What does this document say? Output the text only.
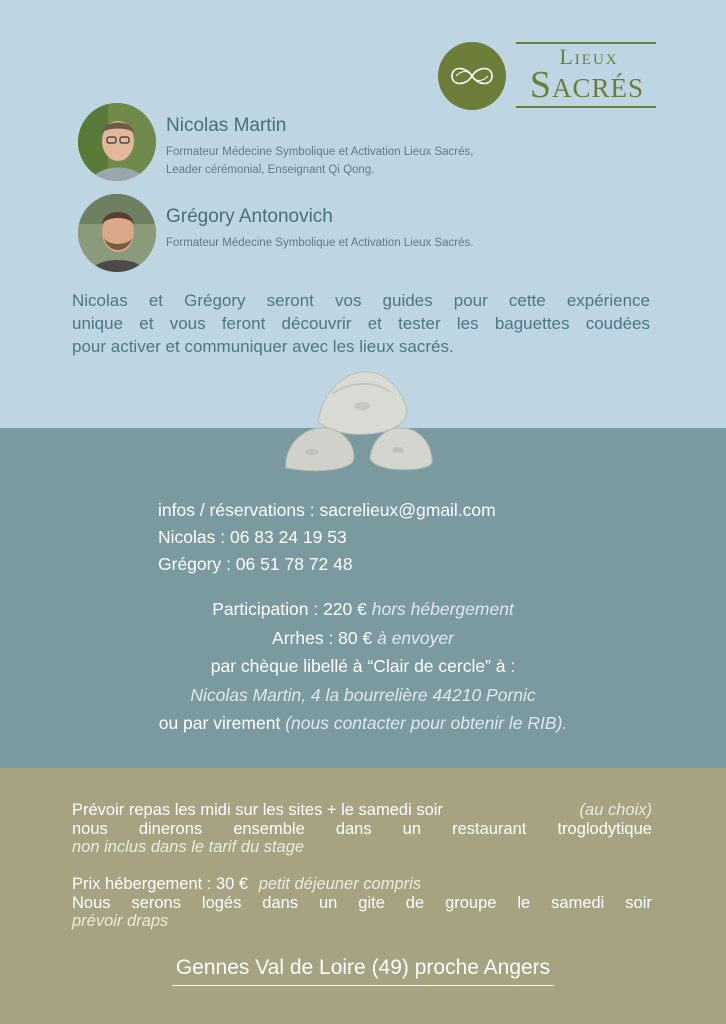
Lieux
Sacrés
Nicolas Martin
Formateur Médecine Symbolique et Activation Lieux Sacrés,
Leader cérémonial, Enseignant Qi Qong.
Grégory Antonovich
Formateur Médecine Symbolique et Activation Lieux Sacrés.
Nicolas et Grégory seront vos guides pour cette expérience
unique et vous feront découvrir et tester les baguettes coudées
pour activer et communiquer avec les lieux sacrés.
infos / réservations : sacrelieux@gmail.com
Nicolas : 06 83 24 19 53
Grégory : 06 51 78 72 48
Participation : 220 € hors hébergement
Arrhes : 80 € à envoyer
par chèque libellé à “Clair de cercle” à :
Nicolas Martin, 4 la bourrelière 44210 Pornic
ou par virement (nous contacter pour obtenir le RIB).
Prévoir repas les midi sur les sites + le samedi soir	(au choix)
nous dinerons ensemble dans un restaurant troglodytique
non inclus dans le tarif du stage
Prix hébergement : 30 € petit déjeuner compris
Nous serons logés dans un gite de groupe le samedi soir
prévoir draps
Gennes Val de Loire (49) proche Angers
